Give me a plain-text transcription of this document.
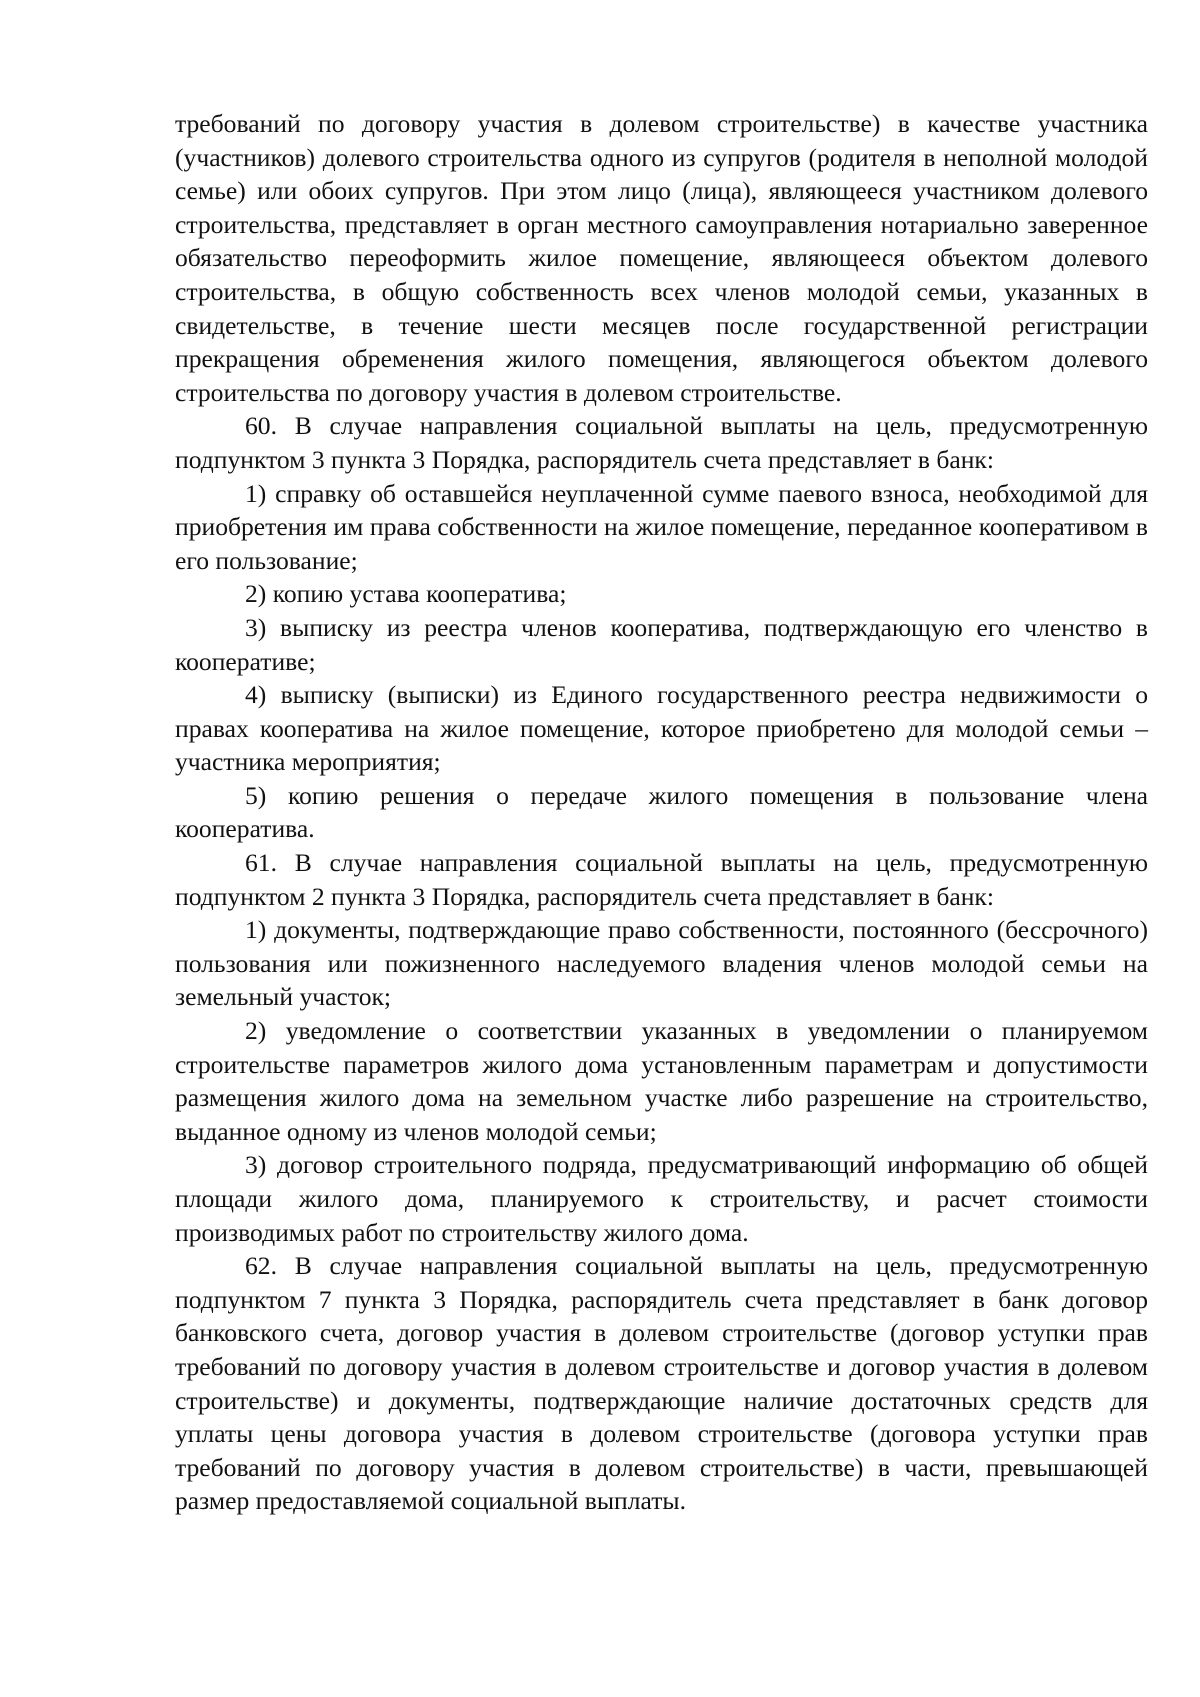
требований по договору участия в долевом строительстве) в качестве участника (участников) долевого строительства одного из супругов (родителя в неполной молодой семье) или обоих супругов. При этом лицо (лица), являющееся участником долевого строительства, представляет в орган местного самоуправления нотариально заверенное обязательство переоформить жилое помещение, являющееся объектом долевого строительства, в общую собственность всех членов молодой семьи, указанных в свидетельстве, в течение шести месяцев после государственной регистрации прекращения обременения жилого помещения, являющегося объектом долевого строительства по договору участия в долевом строительстве.

60. В случае направления социальной выплаты на цель, предусмотренную подпунктом 3 пункта 3 Порядка, распорядитель счета представляет в банк:

1) справку об оставшейся неуплаченной сумме паевого взноса, необходимой для приобретения им права собственности на жилое помещение, переданное кооперативом в его пользование;

2) копию устава кооператива;

3) выписку из реестра членов кооператива, подтверждающую его членство в кооперативе;

4) выписку (выписки) из Единого государственного реестра недвижимости о правах кооператива на жилое помещение, которое приобретено для молодой семьи – участника мероприятия;

5) копию решения о передаче жилого помещения в пользование члена кооператива.

61. В случае направления социальной выплаты на цель, предусмотренную подпунктом 2 пункта 3 Порядка, распорядитель счета представляет в банк:

1) документы, подтверждающие право собственности, постоянного (бессрочного) пользования или пожизненного наследуемого владения членов молодой семьи на земельный участок;

2) уведомление о соответствии указанных в уведомлении о планируемом строительстве параметров жилого дома установленным параметрам и допустимости размещения жилого дома на земельном участке либо разрешение на строительство, выданное одному из членов молодой семьи;

3) договор строительного подряда, предусматривающий информацию об общей площади жилого дома, планируемого к строительству, и расчет стоимости производимых работ по строительству жилого дома.

62. В случае направления социальной выплаты на цель, предусмотренную подпунктом 7 пункта 3 Порядка, распорядитель счета представляет в банк договор банковского счета, договор участия в долевом строительстве (договор уступки прав требований по договору участия в долевом строительстве и договор участия в долевом строительстве) и документы, подтверждающие наличие достаточных средств для уплаты цены договора участия в долевом строительстве (договора уступки прав требований по договору участия в долевом строительстве) в части, превышающей размер предоставляемой социальной выплаты.
